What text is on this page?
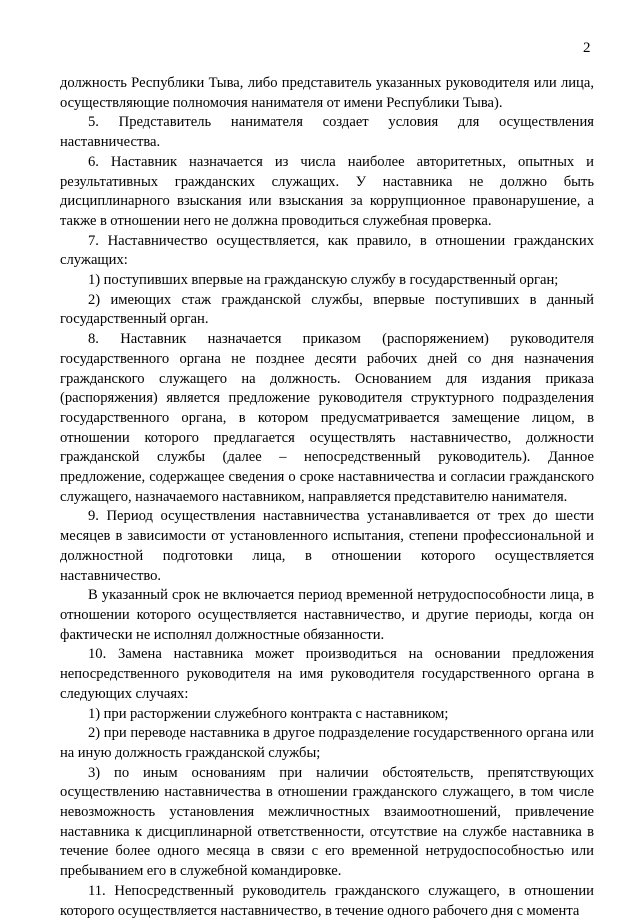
2

должность Республики Тыва, либо представитель указанных руководителя или лица, осуществляющие полномочия нанимателя от имени Республики Тыва).

5. Представитель нанимателя создает условия для осуществления наставничества.

6. Наставник назначается из числа наиболее авторитетных, опытных и результативных гражданских служащих. У наставника не должно быть дисциплинарного взыскания или взыскания за коррупционное правонарушение, а также в отношении него не должна проводиться служебная проверка.

7. Наставничество осуществляется, как правило, в отношении гражданских служащих:

1) поступивших впервые на гражданскую службу в государственный орган;

2) имеющих стаж гражданской службы, впервые поступивших в данный государственный орган.

8. Наставник назначается приказом (распоряжением) руководителя государственного органа не позднее десяти рабочих дней со дня назначения гражданского служащего на должность. Основанием для издания приказа (распоряжения) является предложение руководителя структурного подразделения государственного органа, в котором предусматривается замещение лицом, в отношении которого предлагается осуществлять наставничество, должности гражданской службы (далее – непосредственный руководитель). Данное предложение, содержащее сведения о сроке наставничества и согласии гражданского служащего, назначаемого наставником, направляется представителю нанимателя.

9. Период осуществления наставничества устанавливается от трех до шести месяцев в зависимости от установленного испытания, степени профессиональной и должностной подготовки лица, в отношении которого осуществляется наставничество.

В указанный срок не включается период временной нетрудоспособности лица, в отношении которого осуществляется наставничество, и другие периоды, когда он фактически не исполнял должностные обязанности.

10. Замена наставника может производиться на основании предложения непосредственного руководителя на имя руководителя государственного органа в следующих случаях:

1) при расторжении служебного контракта с наставником;

2) при переводе наставника в другое подразделение государственного органа или на иную должность гражданской службы;

3) по иным основаниям при наличии обстоятельств, препятствующих осуществлению наставничества в отношении гражданского служащего, в том числе невозможность установления межличностных взаимоотношений, привлечение наставника к дисциплинарной ответственности, отсутствие на службе наставника в течение более одного месяца в связи с его временной нетрудоспособностью или пребыванием его в служебной командировке.

11. Непосредственный руководитель гражданского служащего, в отношении которого осуществляется наставничество, в течение одного рабочего дня с момента
